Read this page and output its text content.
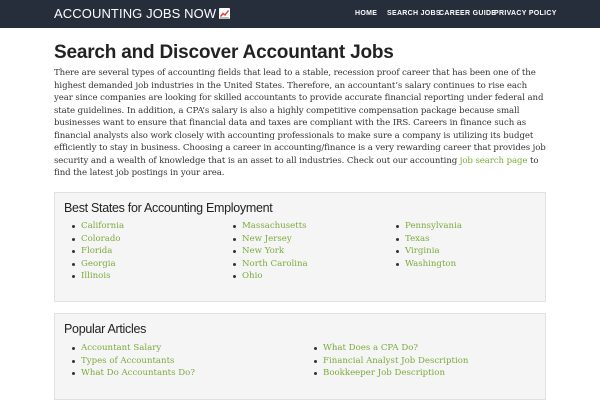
ACCOUNTING JOBS NOW	HOME SEARCH JOBS
CAREER GUIDE
PRIVACY POLICY
Search and Discover Accountant Jobs

There are several types of accounting fields that lead to a stable, recession proof career that has been one of the highest demanded job industries in the United States. Therefore, an accountant’s salary continues to rise each year since companies are looking for skilled accountants to provide accurate financial reporting under federal and state guidelines. In addition, a CPA’s salary is also a highly competitive compensation package because small businesses want to ensure that financial data and taxes are compliant with the IRS. Careers in finance such as financial analysts also work closely with accounting professionals to make sure a company is utilizing its budget efficiently to stay in business. Choosing a career in accounting/finance is a very rewarding career that provides job security and a wealth of knowledge that is an asset to all industries. Check out our accounting job search page to find the latest job postings in your area.

Best States for Accounting Employment
California
Colorado
Florida
Georgia
Illinois
Massachusetts
New Jersey
New York
North Carolina
Ohio
Pennsylvania
Texas
Virginia
Washington
Popular Articles
Accountant Salary
Types of Accountants
What Do Accountants Do?
What Does a CPA Do?
Financial Analyst Job Description
Bookkeeper Job Description
